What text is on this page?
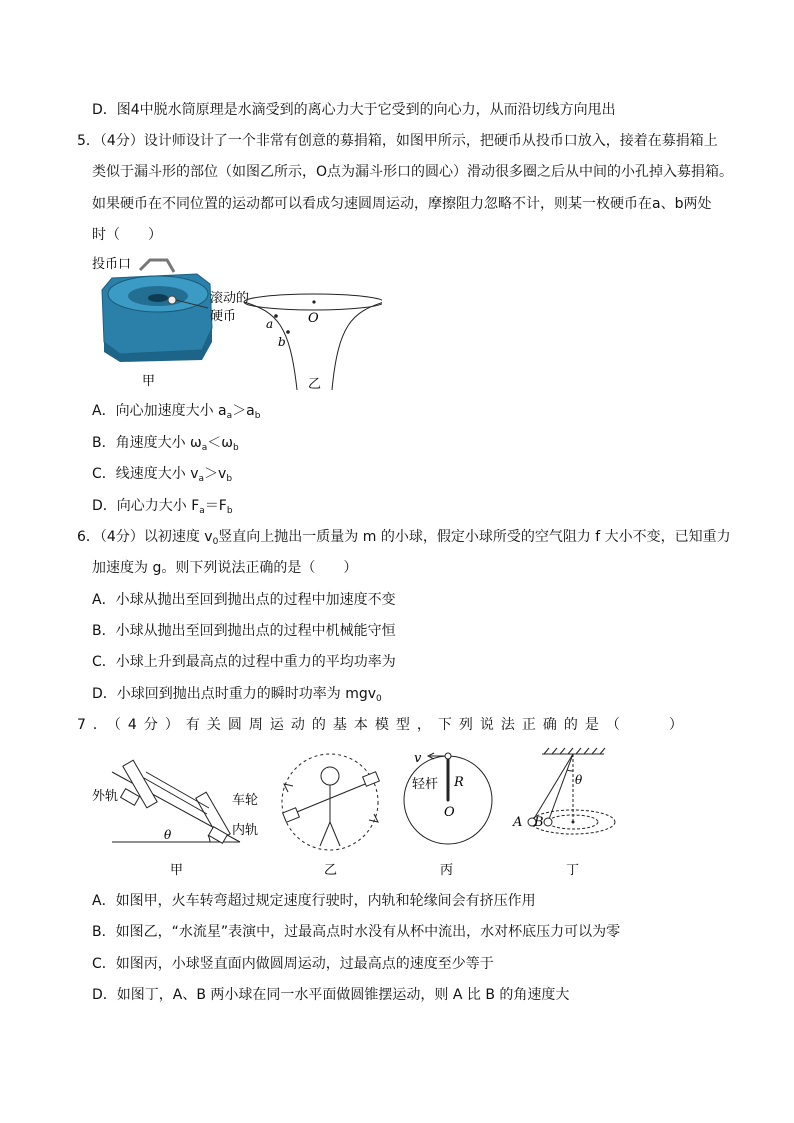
D．图4中脱水筒原理是水滴受到的离心力大于它受到的向心力，从而沿切线方向甩出
5．（4分）设计师设计了一个非常有创意的募捐箱，如图甲所示，把硬币从投币口放入，接着在募捐箱上
类似于漏斗形的部位（如图乙所示，O点为漏斗形口的圆心）滑动很多圈之后从中间的小孔掉入募捐箱。
如果硬币在不同位置的运动都可以看成匀速圆周运动，摩擦阻力忽略不计，则某一枚硬币在a、b两处
时（　　）
投币口
滚动的
硬币
甲
O
a
b
乙
A．向心加速度大小 $a_a>a_b$
B．角速度大小 $\omega_a<\omega_b$
C．线速度大小 $v_a>v_b$
D．向心力大小 $F_a=F_b$
6．（4分）以初速度 $v_0$竖直向上抛出一质量为 m 的小球，假定小球所受的空气阻力 f 大小不变，已知重力
加速度为 g。则下列说法正确的是（　　）
A．小球从抛出至回到抛出点的过程中加速度不变
B．小球从抛出至回到抛出点的过程中机械能守恒
C．小球上升到最高点的过程中重力的平均功率为
D．小球回到抛出点时重力的瞬时功率为 mgv$_0$
7．（4分）有关圆周运动的基本模型，下列说法正确的是（　　）
外轨	车轮
内轨
θ
甲	乙
v
轻杆 R
O
丙
θ
A B
丁
A．如图甲，火车转弯超过规定速度行驶时，内轨和轮缘间会有挤压作用
B．如图乙，“水流星”表演中，过最高点时水没有从杯中流出，水对杯底压力可以为零
C．如图丙，小球竖直面内做圆周运动，过最高点的速度至少等于
D．如图丁，A、B 两小球在同一水平面做圆锥摆运动，则 A 比 B 的角速度大
